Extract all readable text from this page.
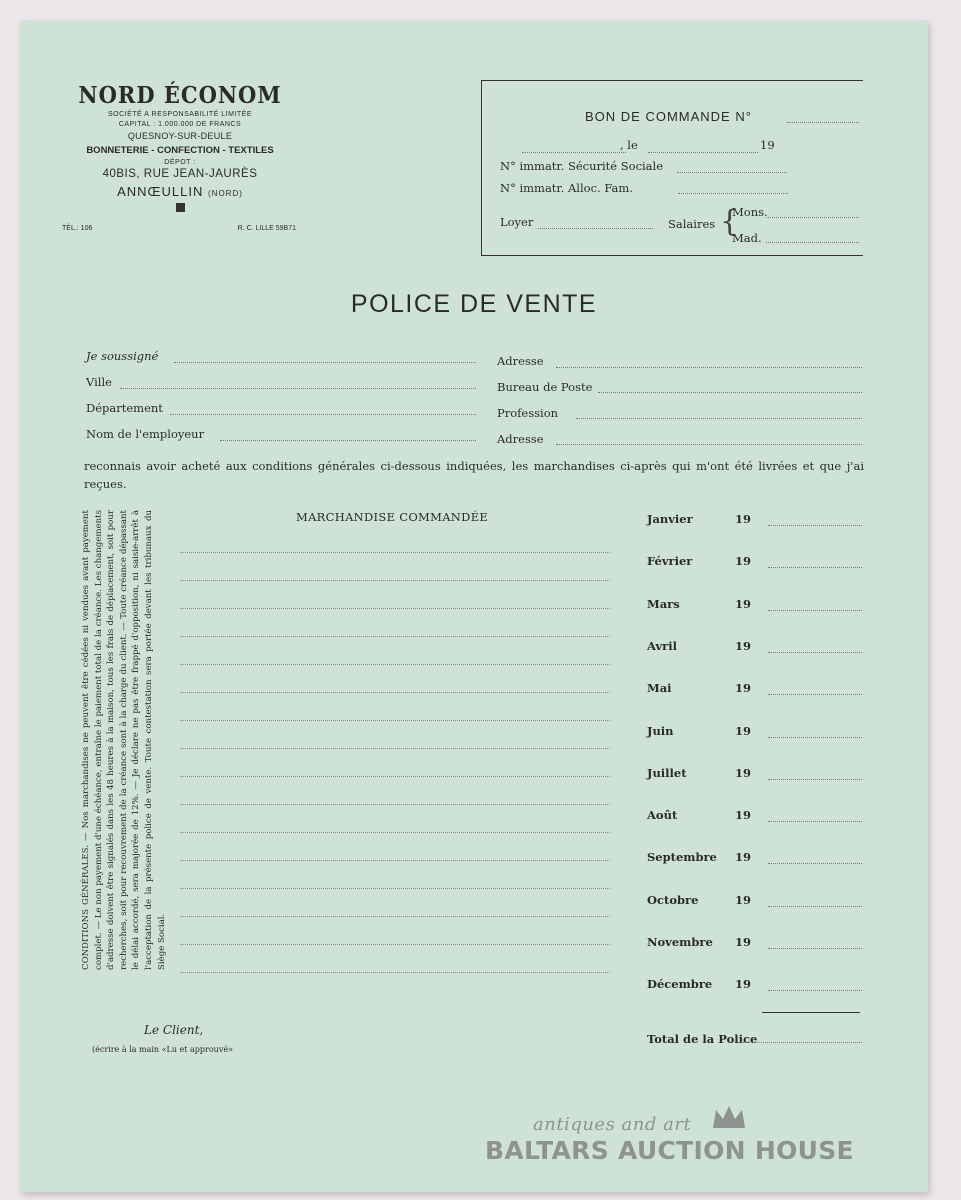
NORD ÉCONOM
SOCIÉTÉ A RESPONSABILITÉ LIMITÉE
CAPITAL : 1.000.000 DE FRANCS
QUESNOY-SUR-DEULE
BONNETERIE - CONFECTION - TEXTILES
DÉPOT :
40BIS, RUE JEAN-JAURÈS
ANNŒULLIN (NORD)
TÉL.: 106	R. C. LILLE 59B71
BON DE COMMANDE N°
, le	19
N° immatr. Sécurité Sociale
N° immatr. Alloc. Fam.
Loyer	Salaires {
Mons.
Mad.
POLICE DE VENTE
Je soussigné
Ville
Département
Nom de l'employeur
Adresse
Bureau de Poste
Profession
Adresse
reconnais avoir acheté aux conditions générales ci-dessous indiquées, les marchandises ci-après qui m'ont été livrées et que j'ai reçues.
CONDITIONS GÉNÉRALES. — Nos marchandises ne peuvent être cédées ni vendues avant payement complet. — Le non payement d'une échéance, entraîne le paiement total de la créance. Les changements d'adresse doivent être signalés dans les 48 heures à la maison, tous les frais de déplacement, soit pour recherches, soit pour recouvrement de la créance sont à la charge du client. — Toute créance dépassant le délai accordé, sera majorée de 12%. — Je déclare ne pas être frappé d'opposition, ni saisie-arrêt à l'acceptation de la présente police de vente. Toute contestation sera portée devant les tribunaux du Siège Social.
MARCHANDISE COMMANDÉE	Janvier	19
Février	19
Mars	19
Avril	19
Mai	19
Juin	19
Juillet	19
Août	19
Septembre 19
Octobre	19
Novembre 19
Décembre 19
Total de la Police
Le Client,
(écrire à la main «Lu et approuvé»
antiques and art
BALTARS AUCTION HOUSE
